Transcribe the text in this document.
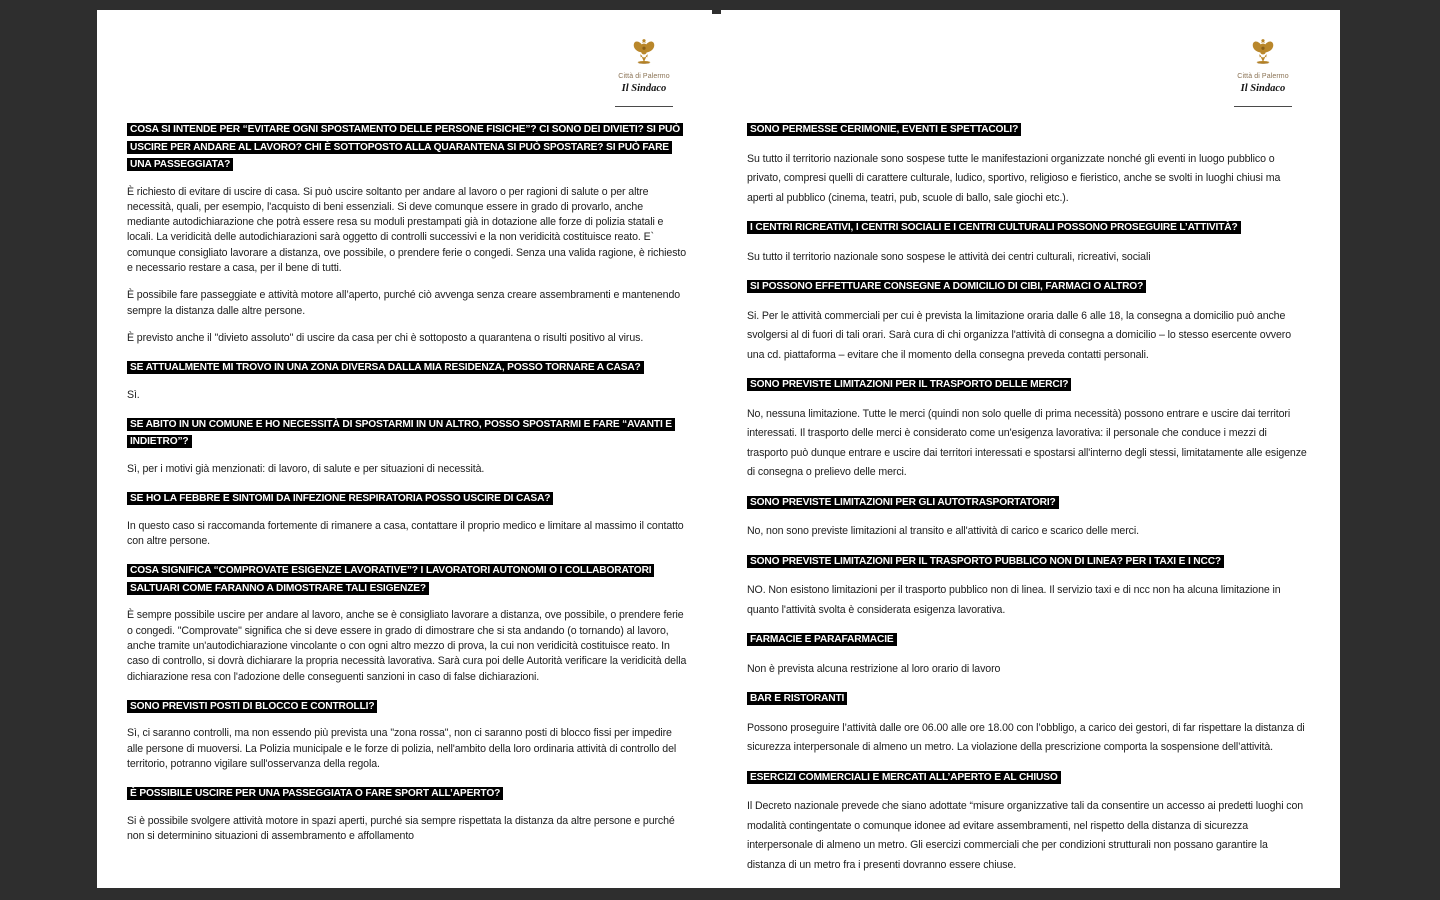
Città di Palermo
Il Sindaco
COSA SI INTENDE PER “EVITARE OGNI SPOSTAMENTO DELLE PERSONE FISICHE”? CI SONO DEI DIVIETI? SI PUÒ USCIRE PER ANDARE AL LAVORO? CHI È SOTTOPOSTO ALLA QUARANTENA SI PUÒ SPOSTARE? SI PUÒ FARE UNA PASSEGGIATA?

È richiesto di evitare di uscire di casa. Si può uscire soltanto per andare al lavoro o per ragioni di salute o per altre necessità, quali, per esempio, l'acquisto di beni essenziali. Si deve comunque essere in grado di provarlo, anche mediante autodichiarazione che potrà essere resa su moduli prestampati già in dotazione alle forze di polizia statali e locali. La veridicità delle autodichiarazioni sarà oggetto di controlli successivi e la non veridicità costituisce reato. E` comunque consigliato lavorare a distanza, ove possibile, o prendere ferie o congedi. Senza una valida ragione, è richiesto e necessario restare a casa, per il bene di tutti.

È possibile fare passeggiate e attività motore all’aperto, purché ciò avvenga senza creare assembramenti e mantenendo sempre la distanza dalle altre persone.

È previsto anche il "divieto assoluto" di uscire da casa per chi è sottoposto a quarantena o risulti positivo al virus.

SE ATTUALMENTE MI TROVO IN UNA ZONA DIVERSA DALLA MIA RESIDENZA, POSSO TORNARE A CASA?

Sì.

SE ABITO IN UN COMUNE E HO NECESSITÀ DI SPOSTARMI IN UN ALTRO, POSSO SPOSTARMI E FARE “AVANTI E INDIETRO”?

Sì, per i motivi già menzionati: di lavoro, di salute e per situazioni di necessità.

SE HO LA FEBBRE E SINTOMI DA INFEZIONE RESPIRATORIA POSSO USCIRE DI CASA?

In questo caso si raccomanda fortemente di rimanere a casa, contattare il proprio medico e limitare al massimo il contatto con altre persone.

COSA SIGNIFICA “COMPROVATE ESIGENZE LAVORATIVE”? I LAVORATORI AUTONOMI O I COLLABORATORI SALTUARI COME FARANNO A DIMOSTRARE TALI ESIGENZE?

È sempre possibile uscire per andare al lavoro, anche se è consigliato lavorare a distanza, ove possibile, o prendere ferie o congedi. "Comprovate" significa che si deve essere in grado di dimostrare che si sta andando (o tornando) al lavoro, anche tramite un'autodichiarazione vincolante o con ogni altro mezzo di prova, la cui non veridicità costituisce reato. In caso di controllo, si dovrà dichiarare la propria necessità lavorativa. Sarà cura poi delle Autorità verificare la veridicità della dichiarazione resa con l'adozione delle conseguenti sanzioni in caso di false dichiarazioni.

SONO PREVISTI POSTI DI BLOCCO E CONTROLLI?

Sì, ci saranno controlli, ma non essendo più prevista una "zona rossa", non ci saranno posti di blocco fissi per impedire alle persone di muoversi. La Polizia municipale e le forze di polizia, nell'ambito della loro ordinaria attività di controllo del territorio, potranno vigilare sull'osservanza della regola.

È POSSIBILE USCIRE PER UNA PASSEGGIATA O FARE SPORT ALL’APERTO?

Si è possibile svolgere attività motore in spazi aperti, purché sia sempre rispettata la distanza da altre persone e purché non si determinino situazioni di assembramento e affollamento

Città di Palermo
Il Sindaco
SONO PERMESSE CERIMONIE, EVENTI E SPETTACOLI?

Su tutto il territorio nazionale sono sospese tutte le manifestazioni organizzate nonché gli eventi in luogo pubblico o privato, compresi quelli di carattere culturale, ludico, sportivo, religioso e fieristico, anche se svolti in luoghi chiusi ma aperti al pubblico (cinema, teatri, pub, scuole di ballo, sale giochi etc.).

I CENTRI RICREATIVI, I CENTRI SOCIALI E I CENTRI CULTURALI POSSONO PROSEGUIRE L’ATTIVITÀ?

Su tutto il territorio nazionale sono sospese le attività dei centri culturali, ricreativi, sociali

SI POSSONO EFFETTUARE CONSEGNE A DOMICILIO DI CIBI, FARMACI O ALTRO?

Si. Per le attività commerciali per cui è prevista la limitazione oraria dalle 6 alle 18, la consegna a domicilio può anche svolgersi al di fuori di tali orari. Sarà cura di chi organizza l'attività di consegna a domicilio – lo stesso esercente ovvero una cd. piattaforma – evitare che il momento della consegna preveda contatti personali.

SONO PREVISTE LIMITAZIONI PER IL TRASPORTO DELLE MERCI?

No, nessuna limitazione. Tutte le merci (quindi non solo quelle di prima necessità) possono entrare e uscire dai territori interessati. Il trasporto delle merci è considerato come un'esigenza lavorativa: il personale che conduce i mezzi di trasporto può dunque entrare e uscire dai territori interessati e spostarsi all'interno degli stessi, limitatamente alle esigenze di consegna o prelievo delle merci.

SONO PREVISTE LIMITAZIONI PER GLI AUTOTRASPORTATORI?

No, non sono previste limitazioni al transito e all'attività di carico e scarico delle merci.

SONO PREVISTE LIMITAZIONI PER IL TRASPORTO PUBBLICO NON DI LINEA? PER I TAXI E I NCC?

NO. Non esistono limitazioni per il trasporto pubblico non di linea. Il servizio taxi e di ncc non ha alcuna limitazione in quanto l'attività svolta è considerata esigenza lavorativa.

FARMACIE E PARAFARMACIE

Non è prevista alcuna restrizione al loro orario di lavoro

BAR E RISTORANTI

Possono proseguire l’attività dalle ore 06.00 alle ore 18.00 con l’obbligo, a carico dei gestori, di far rispettare la distanza di sicurezza interpersonale di almeno un metro. La violazione della prescrizione comporta la sospensione dell’attività.

ESERCIZI COMMERCIALI E MERCATI ALL’APERTO E AL CHIUSO

Il Decreto nazionale prevede che siano adottate “misure organizzative tali da consentire un accesso ai predetti luoghi con modalità contingentate o comunque idonee ad evitare assembramenti, nel rispetto della distanza di sicurezza interpersonale di almeno un metro. Gli esercizi commerciali che per condizioni strutturali non possano garantire la distanza di un metro fra i presenti dovranno essere chiuse.
